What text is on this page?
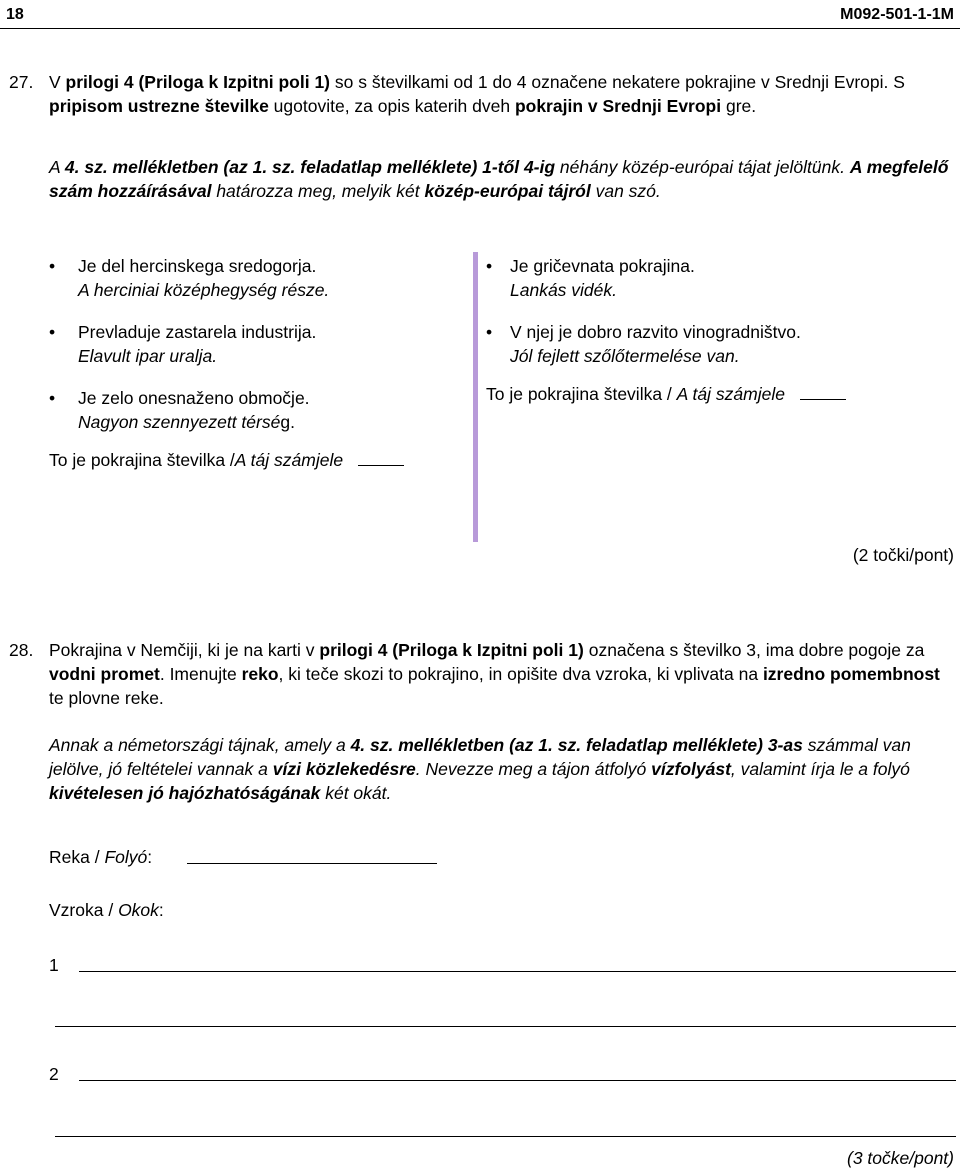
18	M092-501-1-1M
27. V prilogi 4 (Priloga k Izpitni poli 1) so s številkami od 1 do 4 označene nekatere pokrajine v Srednji Evropi. S pripisom ustrezne številke ugotovite, za opis katerih dveh pokrajin v Srednji Evropi gre.
A 4. sz. mellékletben (az 1. sz. feladatlap melléklete) 1-től 4-ig néhány közép-európai tájat jelöltünk. A megfelelő szám hozzáírásával határozza meg, melyik két közép-európai tájról van szó.
• Je del hercinskega sredogorja.
A herciniai középhegység része.
• Prevladuje zastarela industrija.
Elavult ipar uralja.
• Je zelo onesnaženo območje.
Nagyon szennyezett térség.
To je pokrajina številka /A táj számjele
• Je gričevnata pokrajina.
Lankás vidék.
• V njej je dobro razvito vinogradništvo.
Jól fejlett szőlőtermelése van.
To je pokrajina številka / A táj számjele
(2 točki/pont)
28. Pokrajina v Nemčiji, ki je na karti v prilogi 4 (Priloga k Izpitni poli 1) označena s številko 3, ima dobre pogoje za vodni promet. Imenujte reko, ki teče skozi to pokrajino, in opišite dva vzroka, ki vplivata na izredno pomembnost te plovne reke.
Annak a németországi tájnak, amely a 4. sz. mellékletben (az 1. sz. feladatlap melléklete) 3-as számmal van jelölve, jó feltételei vannak a vízi közlekedésre. Nevezze meg a tájon átfolyó vízfolyást, valamint írja le a folyó kivételesen jó hajózhatóságának két okát.
Reka / Folyó:
Vzroka / Okok:
1
2
(3 točke/pont)
